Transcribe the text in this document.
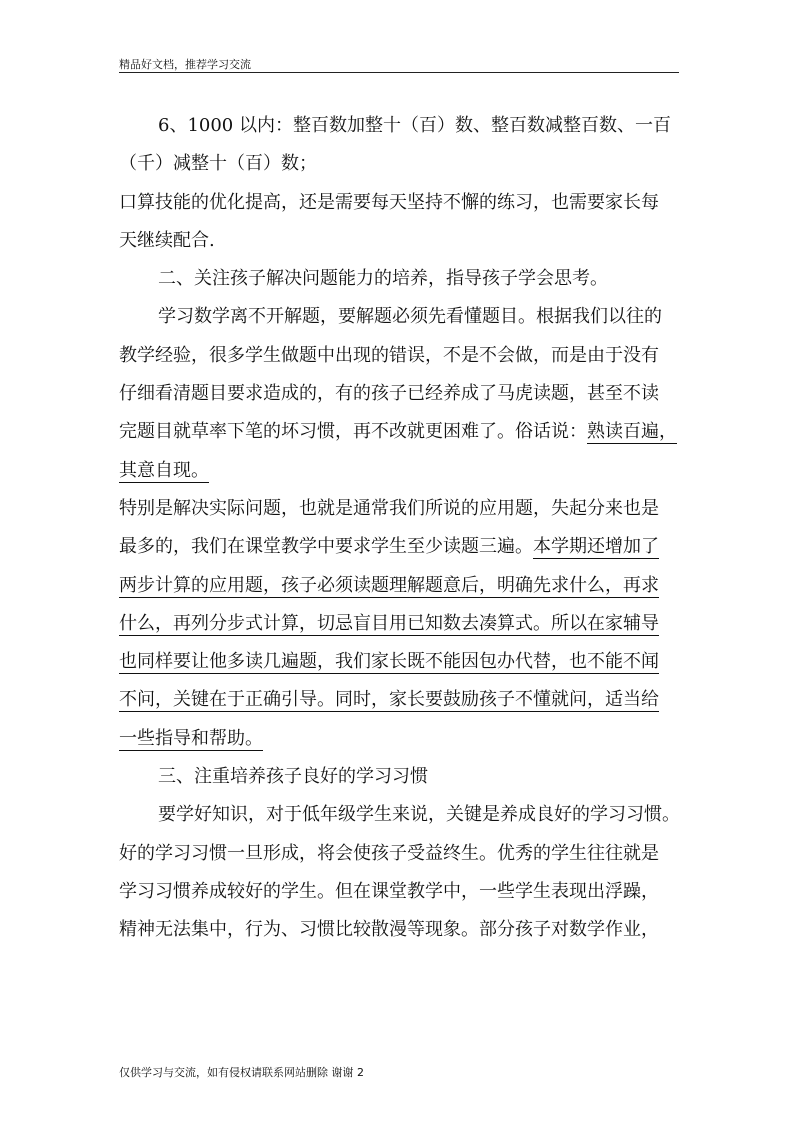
精品好文档，推荐学习交流
6、1000 以内：整百数加整十（百）数、整百数减整百数、一百
（千）减整十（百）数；
口算技能的优化提高，还是需要每天坚持不懈的练习，也需要家长每
天继续配合.
二、关注孩子解决问题能力的培养，指导孩子学会思考。
学习数学离不开解题，要解题必须先看懂题目。根据我们以往的
教学经验，很多学生做题中出现的错误，不是不会做，而是由于没有
仔细看清题目要求造成的，有的孩子已经养成了马虎读题，甚至不读
完题目就草率下笔的坏习惯，再不改就更困难了。俗话说：熟读百遍，
其意自现。
特别是解决实际问题，也就是通常我们所说的应用题，失起分来也是
最多的，我们在课堂教学中要求学生至少读题三遍。本学期还增加了
两步计算的应用题，孩子必须读题理解题意后，明确先求什么，再求
什么，再列分步式计算，切忌盲目用已知数去凑算式。所以在家辅导
也同样要让他多读几遍题，我们家长既不能因包办代替，也不能不闻
不问，关键在于正确引导。同时，家长要鼓励孩子不懂就问，适当给
一些指导和帮助。
三、注重培养孩子良好的学习习惯
要学好知识，对于低年级学生来说，关键是养成良好的学习习惯。
好的学习习惯一旦形成，将会使孩子受益终生。优秀的学生往往就是
学习习惯养成较好的学生。但在课堂教学中，一些学生表现出浮躁，
精神无法集中，行为、习惯比较散漫等现象。部分孩子对数学作业，
仅供学习与交流，如有侵权请联系网站删除 谢谢 2
